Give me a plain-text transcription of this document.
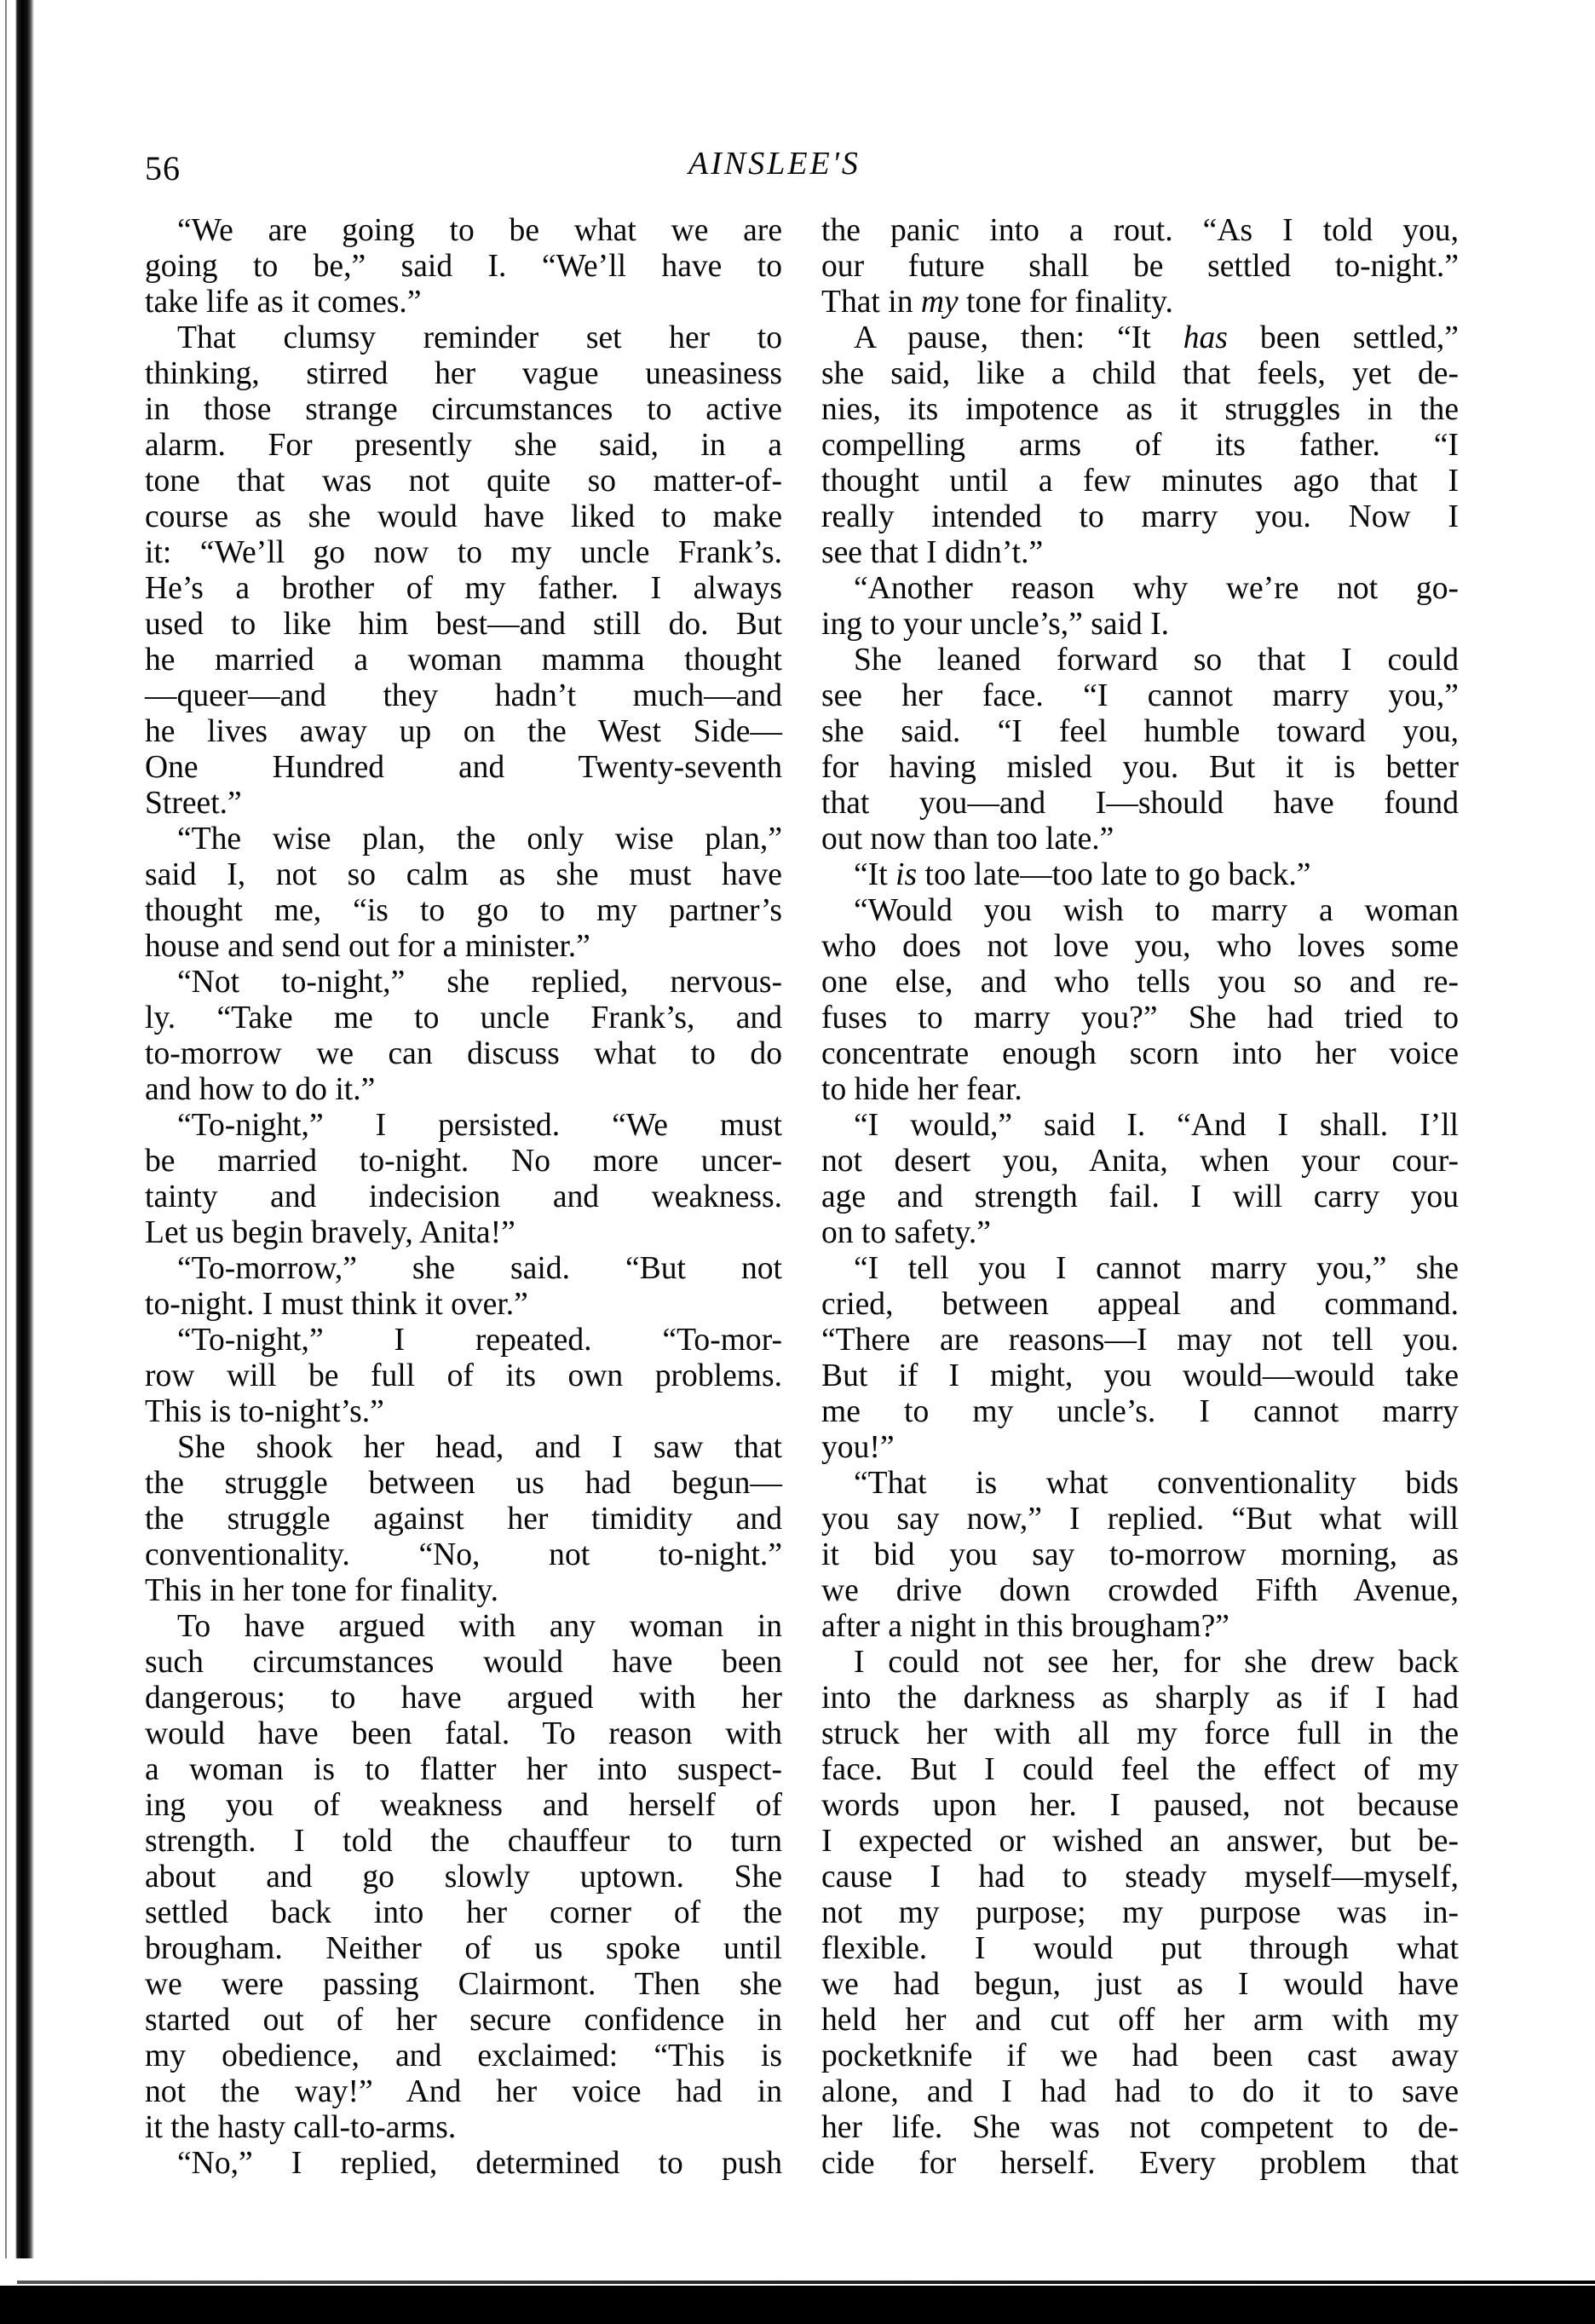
56	AINSLEE'S
“We are going to be what we are
going to be,” said I. “We’ll have to
take life as it comes.”
That clumsy reminder set her to
thinking, stirred her vague uneasiness
in those strange circumstances to active
alarm. For presently she said, in a
tone that was not quite so matter-of-
course as she would have liked to make
it: “We’ll go now to my uncle Frank’s.
He’s a brother of my father. I always
used to like him best—and still do. But
he married a woman mamma thought
—queer—and they hadn’t much—and
he lives away up on the West Side—
One Hundred and Twenty-seventh
Street.”
“The wise plan, the only wise plan,”
said I, not so calm as she must have
thought me, “is to go to my partner’s
house and send out for a minister.”
“Not to-night,” she replied, nervous-
ly. “Take me to uncle Frank’s, and
to-morrow we can discuss what to do
and how to do it.”
“To-night,” I persisted. “We must
be married to-night. No more uncer-
tainty and indecision and weakness.
Let us begin bravely, Anita!”
“To-morrow,” she said. “But not
to-night. I must think it over.”
“To-night,” I repeated. “To-mor-
row will be full of its own problems.
This is to-night’s.”
She shook her head, and I saw that
the struggle between us had begun—
the struggle against her timidity and
conventionality. “No, not to-night.”
This in her tone for finality.
To have argued with any woman in
such circumstances would have been
dangerous; to have argued with her
would have been fatal. To reason with
a woman is to flatter her into suspect-
ing you of weakness and herself of
strength. I told the chauffeur to turn
about and go slowly uptown. She
settled back into her corner of the
brougham. Neither of us spoke until
we were passing Clairmont. Then she
started out of her secure confidence in
my obedience, and exclaimed: “This is
not the way!” And her voice had in
it the hasty call-to-arms.
“No,” I replied, determined to push
the panic into a rout. “As I told you,
our future shall be settled to-night.”
That in my tone for finality.
A pause, then: “It has been settled,”
she said, like a child that feels, yet de-
nies, its impotence as it struggles in the
compelling arms of its father. “I
thought until a few minutes ago that I
really intended to marry you. Now I
see that I didn’t.”
“Another reason why we’re not go-
ing to your uncle’s,” said I.
She leaned forward so that I could
see her face. “I cannot marry you,”
she said. “I feel humble toward you,
for having misled you. But it is better
that you—and I—should have found
out now than too late.”
“It is too late—too late to go back.”
“Would you wish to marry a woman
who does not love you, who loves some
one else, and who tells you so and re-
fuses to marry you?” She had tried to
concentrate enough scorn into her voice
to hide her fear.
“I would,” said I. “And I shall. I’ll
not desert you, Anita, when your cour-
age and strength fail. I will carry you
on to safety.”
“I tell you I cannot marry you,” she
cried, between appeal and command.
“There are reasons—I may not tell you.
But if I might, you would—would take
me to my uncle’s. I cannot marry
you!”
“That is what conventionality bids
you say now,” I replied. “But what will
it bid you say to-morrow morning, as
we drive down crowded Fifth Avenue,
after a night in this brougham?”
I could not see her, for she drew back
into the darkness as sharply as if I had
struck her with all my force full in the
face. But I could feel the effect of my
words upon her. I paused, not because
I expected or wished an answer, but be-
cause I had to steady myself—myself,
not my purpose; my purpose was in-
flexible. I would put through what
we had begun, just as I would have
held her and cut off her arm with my
pocketknife if we had been cast away
alone, and I had had to do it to save
her life. She was not competent to de-
cide for herself. Every problem that
